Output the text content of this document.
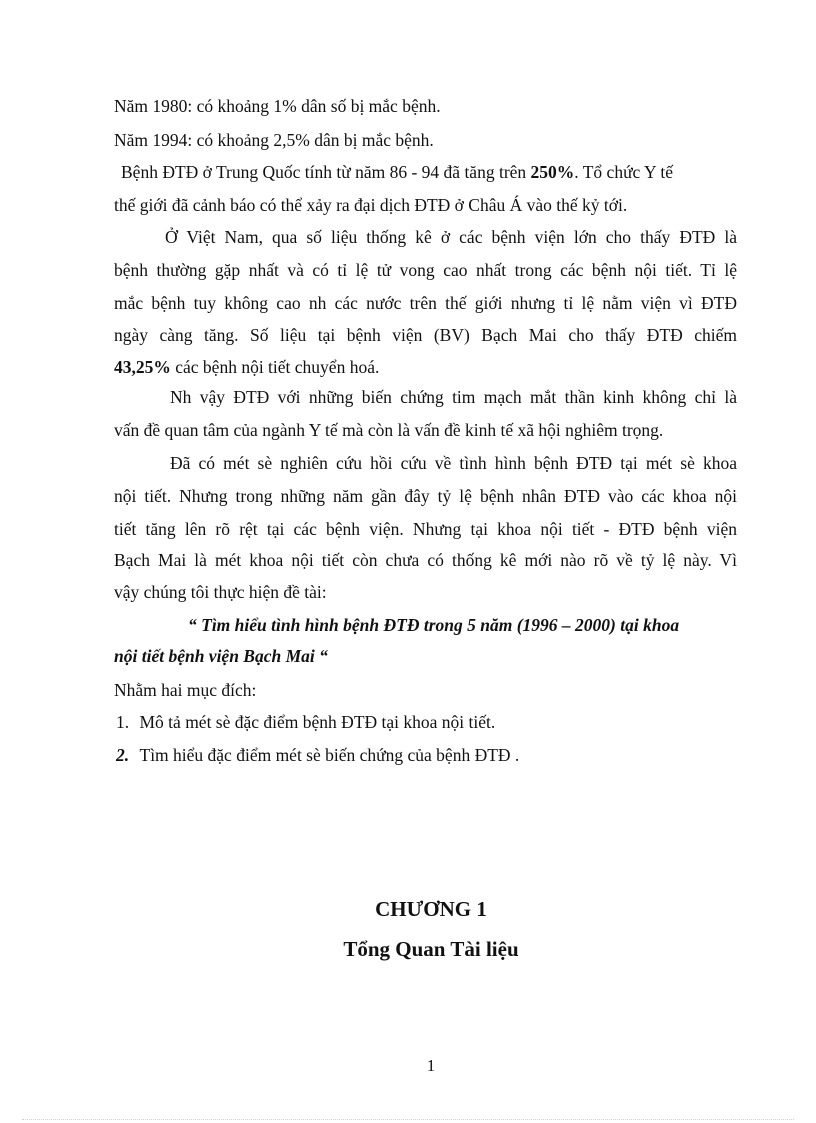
Năm 1980: có khoảng 1% dân số bị mắc bệnh.
Năm 1994: có khoảng 2,5% dân bị mắc bệnh.
Bệnh ĐTĐ ở Trung Quốc tính từ năm 86 - 94 đã tăng trên 250%. Tổ chức Y tế
thế giới đã cảnh báo có thể xảy ra đại dịch ĐTĐ ở Châu Á vào thế kỷ tới.
Ở Việt Nam, qua số liệu thống kê ở các bệnh viện lớn cho thấy ĐTĐ là
bệnh thường gặp nhất và có tỉ lệ tử vong cao nhất trong các bệnh nội tiết. Tỉ lệ
mắc bệnh tuy không cao nh các nước trên thế giới nhưng tỉ lệ nằm viện vì ĐTĐ
ngày càng tăng. Số liệu tại bệnh viện (BV) Bạch Mai cho thấy ĐTĐ chiếm
43,25% các bệnh nội tiết chuyển hoá.
Nh vậy ĐTĐ với những biến chứng tim mạch mắt thần kinh không chỉ là
vấn đề quan tâm của ngành Y tế mà còn là vấn đề kinh tế xã hội nghiêm trọng.
Đã có mét sè nghiên cứu hồi cứu về tình hình bệnh ĐTĐ tại mét sè khoa
nội tiết. Nhưng trong những năm gần đây tỷ lệ bệnh nhân ĐTĐ vào các khoa nội
tiết tăng lên rõ rệt tại các bệnh viện. Nhưng tại khoa nội tiết - ĐTĐ bệnh viện
Bạch Mai là mét khoa nội tiết còn chưa có thống kê mới nào rõ về tỷ lệ này. Vì
vậy chúng tôi thực hiện đề tài:
“ Tìm hiểu tình hình bệnh ĐTĐ trong 5 năm (1996 – 2000) tại khoa
nội tiết bệnh viện Bạch Mai “
Nhằm hai mục đích:
1. Mô tả mét sè đặc điểm bệnh ĐTĐ tại khoa nội tiết.
2. Tìm hiểu đặc điểm mét sè biến chứng của bệnh ĐTĐ .
CHƯƠNG 1
Tổng Quan Tài liệu
1
